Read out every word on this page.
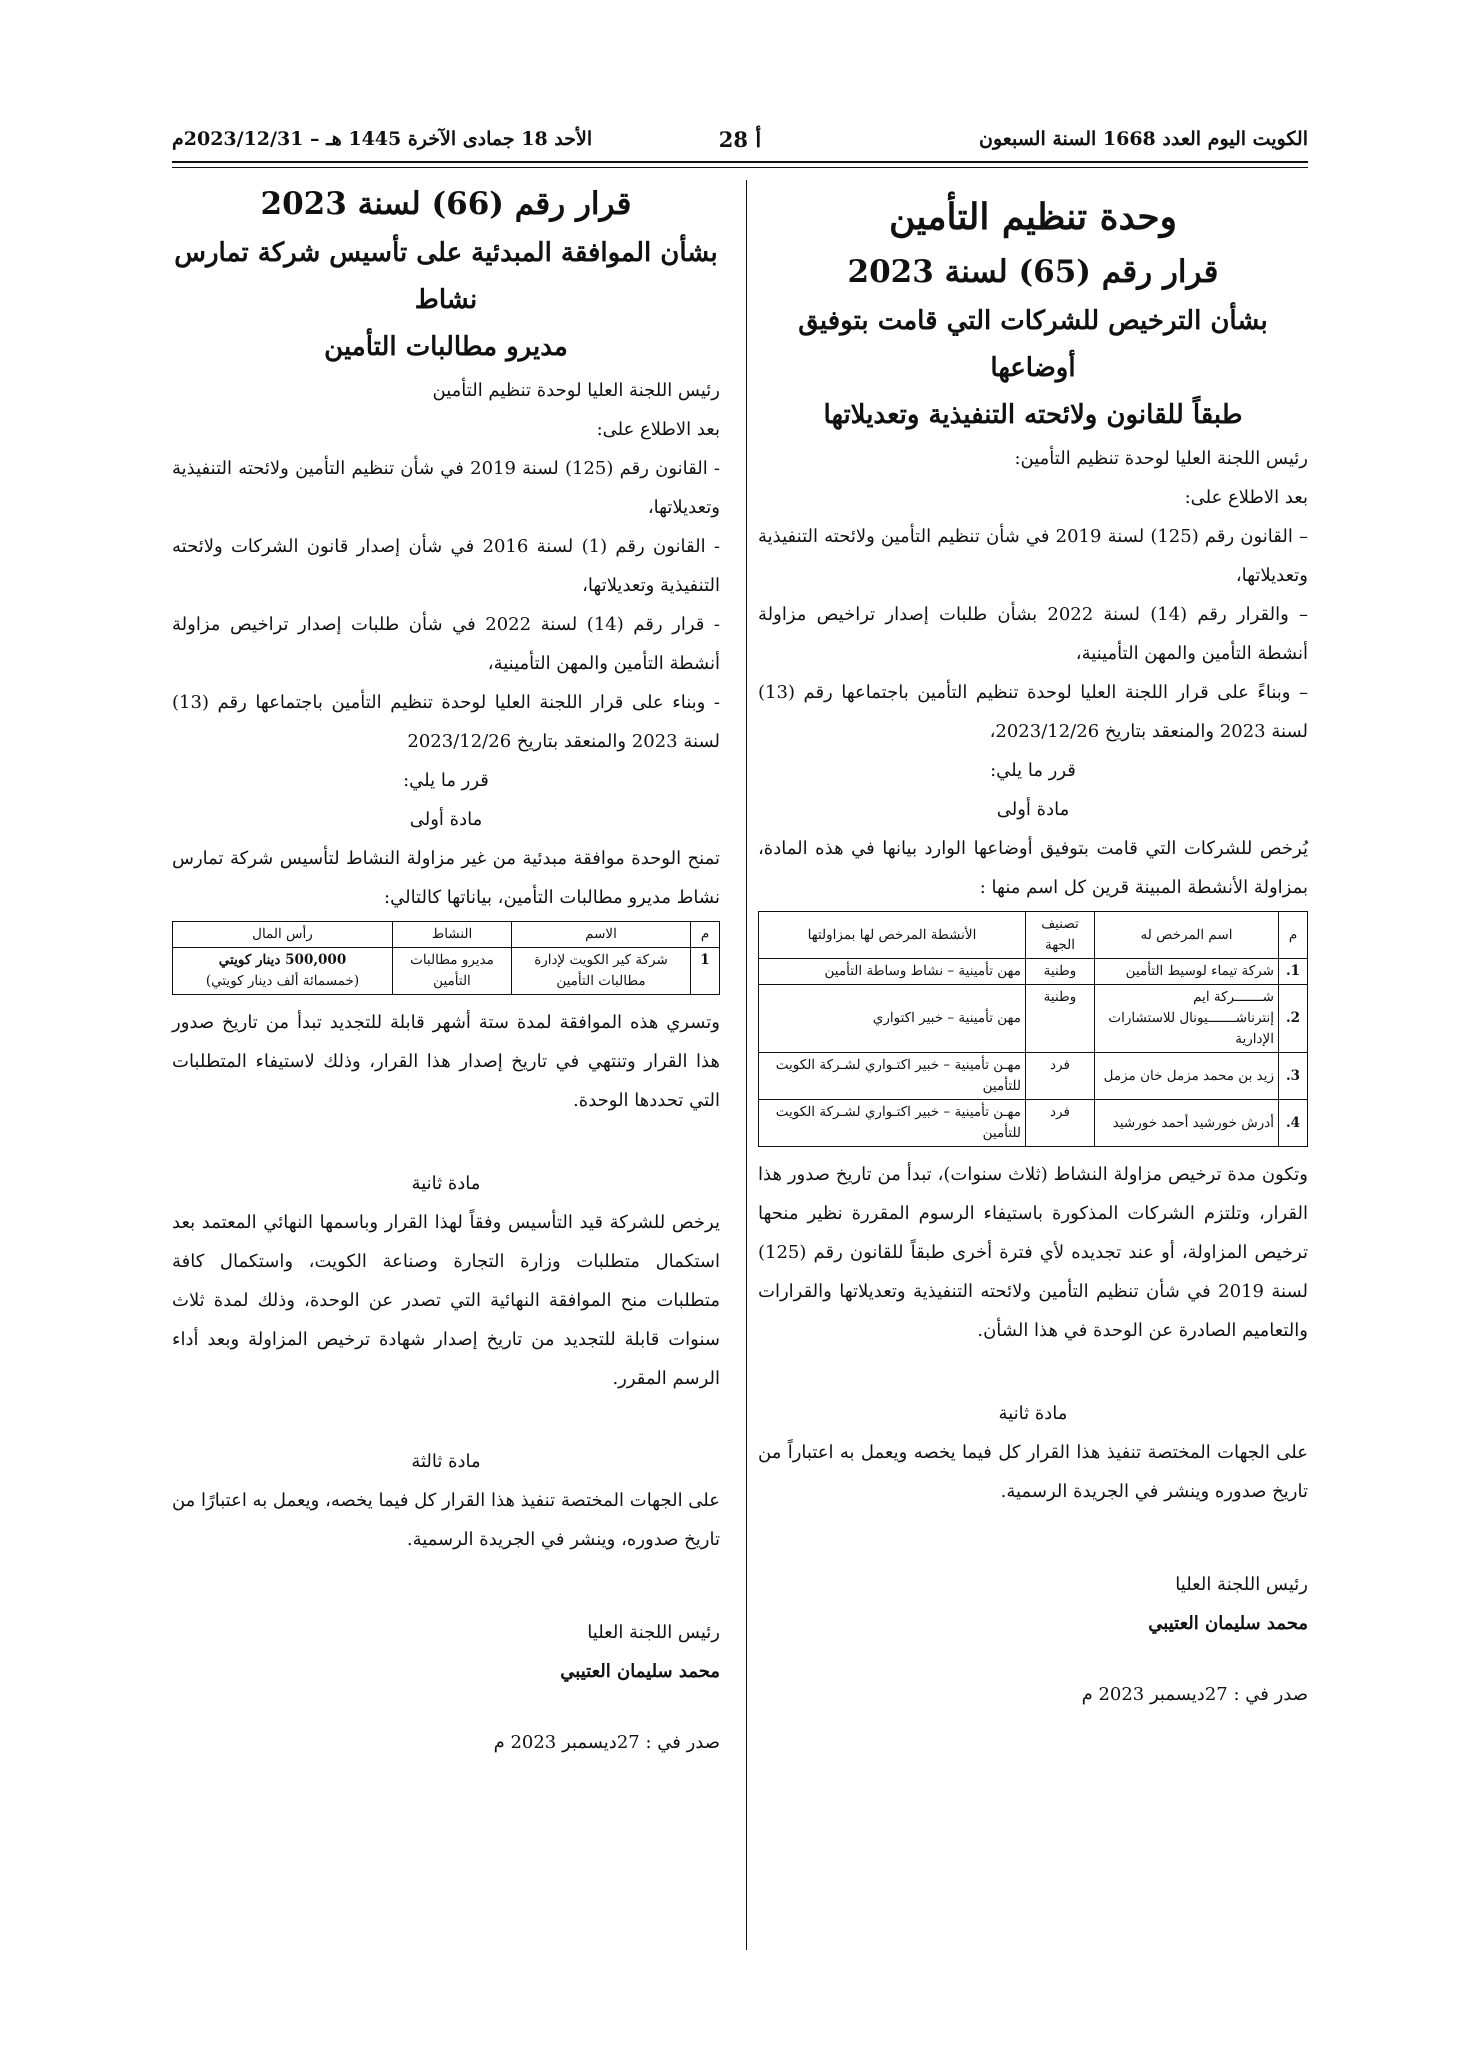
الكويت اليوم العدد 1668 السنة السبعون
أ 28
الأحد 18 جمادى الآخرة 1445 هـ – 2023/12/31م
وحدة تنظيم التأمين
قرار رقم (65) لسنة 2023
بشأن الترخيص للشركات التي قامت بتوفيق أوضاعها
طبقاً للقانون ولائحته التنفيذية وتعديلاتها

رئيس اللجنة العليا لوحدة تنظيم التأمين:

بعد الاطلاع على:

– القانون رقم (125) لسنة 2019 في شأن تنظيم التأمين ولائحته التنفيذية وتعديلاتها،

– والقرار رقم (14) لسنة 2022 بشأن طلبات إصدار تراخيص مزاولة أنشطة التأمين والمهن التأمينية،

– وبناءً على قرار اللجنة العليا لوحدة تنظيم التأمين باجتماعها رقم (13) لسنة 2023 والمنعقد بتاريخ 2023/12/26،

قرر ما يلي:

مادة أولى

يُرخص للشركات التي قامت بتوفيق أوضاعها الوارد بيانها في هذه المادة، بمزاولة الأنشطة المبينة قرين كل اسم منها :

م	اسم المرخص له	تصنيف الجهة	الأنشطة المرخص لها بمزاولتها
1.	شركة تيماء لوسيط التأمين	وطنية	مهن تأمينية – نشاط وساطة التأمين
2.	شـــــــركة ايم إنترناشـــــــيونال للاستشارات الإدارية	وطنية	مهن تأمينية – خبير اكتواري
3.	زيد بن محمد مزمل خان مزمل	فرد	مهـن تأمينية – خبير اكتـواري لشـركة الكويت للتأمين
4.	أدرش خورشيد أحمد خورشيد	فرد	مهـن تأمينية – خبير اكتـواري لشـركة الكويت للتأمين

وتكون مدة ترخيص مزاولة النشاط (ثلاث سنوات)، تبدأ من تاريخ صدور هذا القرار، وتلتزم الشركات المذكورة باستيفاء الرسوم المقررة نظير منحها ترخيص المزاولة، أو عند تجديده لأي فترة أخرى طبقاً للقانون رقم (125) لسنة 2019 في شأن تنظيم التأمين ولائحته التنفيذية وتعديلاتها والقرارات والتعاميم الصادرة عن الوحدة في هذا الشأن.

مادة ثانية

على الجهات المختصة تنفيذ هذا القرار كل فيما يخصه ويعمل به اعتباراً من تاريخ صدوره وينشر في الجريدة الرسمية.

رئيس اللجنة العليا

محمد سليمان العتيبي

صدر في : 27ديسمبر 2023 م

قرار رقم (66) لسنة 2023
بشأن الموافقة المبدئية على تأسيس شركة تمارس نشاط
مديرو مطالبات التأمين

رئيس اللجنة العليا لوحدة تنظيم التأمين

بعد الاطلاع على:

- القانون رقم (125) لسنة 2019 في شأن تنظيم التأمين ولائحته التنفيذية وتعديلاتها،

- القانون رقم (1) لسنة 2016 في شأن إصدار قانون الشركات ولائحته التنفيذية وتعديلاتها،

- قرار رقم (14) لسنة 2022 في شأن طلبات إصدار تراخيص مزاولة أنشطة التأمين والمهن التأمينية،

- وبناء على قرار اللجنة العليا لوحدة تنظيم التأمين باجتماعها رقم (13) لسنة 2023 والمنعقد بتاريخ 2023/12/26

قرر ما يلي:

مادة أولى

تمنح الوحدة موافقة مبدئية من غير مزاولة النشاط لتأسيس شركة تمارس نشاط مديرو مطالبات التأمين، بياناتها كالتالي:

م	الاسم	النشاط	رأس المال
1	شركة كير الكويت لإدارة مطالبات التأمين	مديرو مطالبات التأمين	500,000 دينار كويتي
(خمسمائة ألف دينار كويتي)

وتسري هذه الموافقة لمدة ستة أشهر قابلة للتجديد تبدأ من تاريخ صدور هذا القرار وتنتهي في تاريخ إصدار هذا القرار، وذلك لاستيفاء المتطلبات التي تحددها الوحدة.

مادة ثانية

يرخص للشركة قيد التأسيس وفقاً لهذا القرار وباسمها النهائي المعتمد بعد استكمال متطلبات وزارة التجارة وصناعة الكويت، واستكمال كافة متطلبات منح الموافقة النهائية التي تصدر عن الوحدة، وذلك لمدة ثلاث سنوات قابلة للتجديد من تاريخ إصدار شهادة ترخيص المزاولة وبعد أداء الرسم المقرر.

مادة ثالثة

على الجهات المختصة تنفيذ هذا القرار كل فيما يخصه، ويعمل به اعتبارًا من تاريخ صدوره، وينشر في الجريدة الرسمية.

رئيس اللجنة العليا

محمد سليمان العتيبي

صدر في : 27ديسمبر 2023 م
